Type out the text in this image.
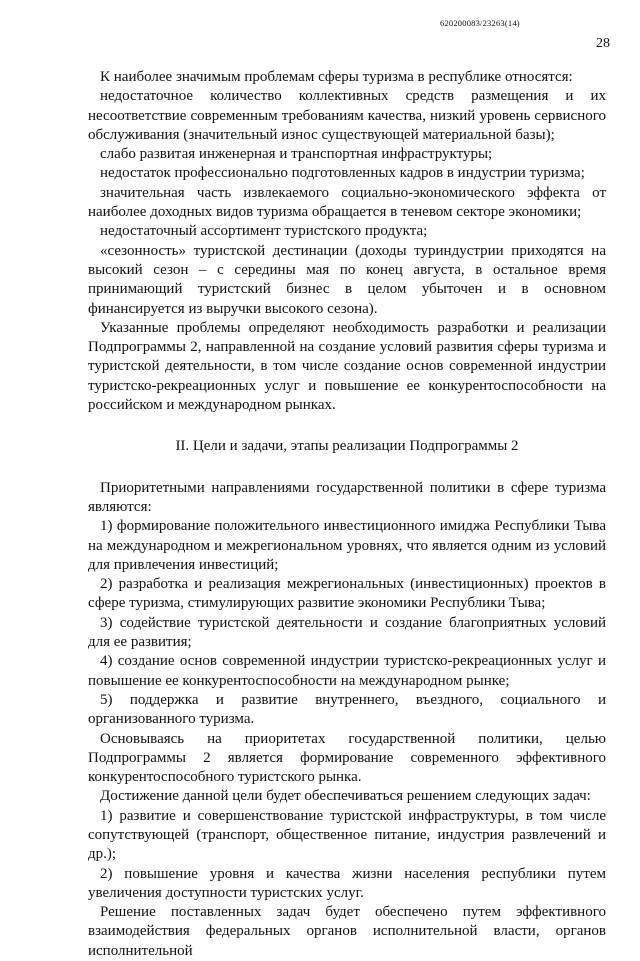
620200083/23263(14)
28

К наиболее значимым проблемам сферы туризма в республике относятся:

недостаточное количество коллективных средств размещения и их несоответствие современным требованиям качества, низкий уровень сервисного обслуживания (значительный износ существующей материальной базы);

слабо развитая инженерная и транспортная инфраструктуры;

недостаток профессионально подготовленных кадров в индустрии туризма;

значительная часть извлекаемого социально-экономического эффекта от наиболее доходных видов туризма обращается в теневом секторе экономики;

недостаточный ассортимент туристского продукта;

«сезонность» туристской дестинации (доходы туриндустрии приходятся на высокий сезон – с середины мая по конец августа, в остальное время принимающий туристский бизнес в целом убыточен и в основном финансируется из выручки высокого сезона).

Указанные проблемы определяют необходимость разработки и реализации Подпрограммы 2, направленной на создание условий развития сферы туризма и туристской деятельности, в том числе создание основ современной индустрии туристско-рекреационных услуг и повышение ее конкурентоспособности на российском и международном рынках.

II. Цели и задачи, этапы реализации Подпрограммы 2

Приоритетными направлениями государственной политики в сфере туризма являются:

1) формирование положительного инвестиционного имиджа Республики Тыва на международном и межрегиональном уровнях, что является одним из условий для привлечения инвестиций;

2) разработка и реализация межрегиональных (инвестиционных) проектов в сфере туризма, стимулирующих развитие экономики Республики Тыва;

3) содействие туристской деятельности и создание благоприятных условий для ее развития;

4) создание основ современной индустрии туристско-рекреационных услуг и повышение ее конкурентоспособности на международном рынке;

5) поддержка и развитие внутреннего, въездного, социального и организованного туризма.

Основываясь на приоритетах государственной политики, целью Подпрограммы 2 является формирование современного эффективного конкурентоспособного туристского рынка.

Достижение данной цели будет обеспечиваться решением следующих задач:

1) развитие и совершенствование туристской инфраструктуры, в том числе сопутствующей (транспорт, общественное питание, индустрия развлечений и др.);

2) повышение уровня и качества жизни населения республики путем увеличения доступности туристских услуг.

Решение поставленных задач будет обеспечено путем эффективного взаимодействия федеральных органов исполнительной власти, органов исполнительной
